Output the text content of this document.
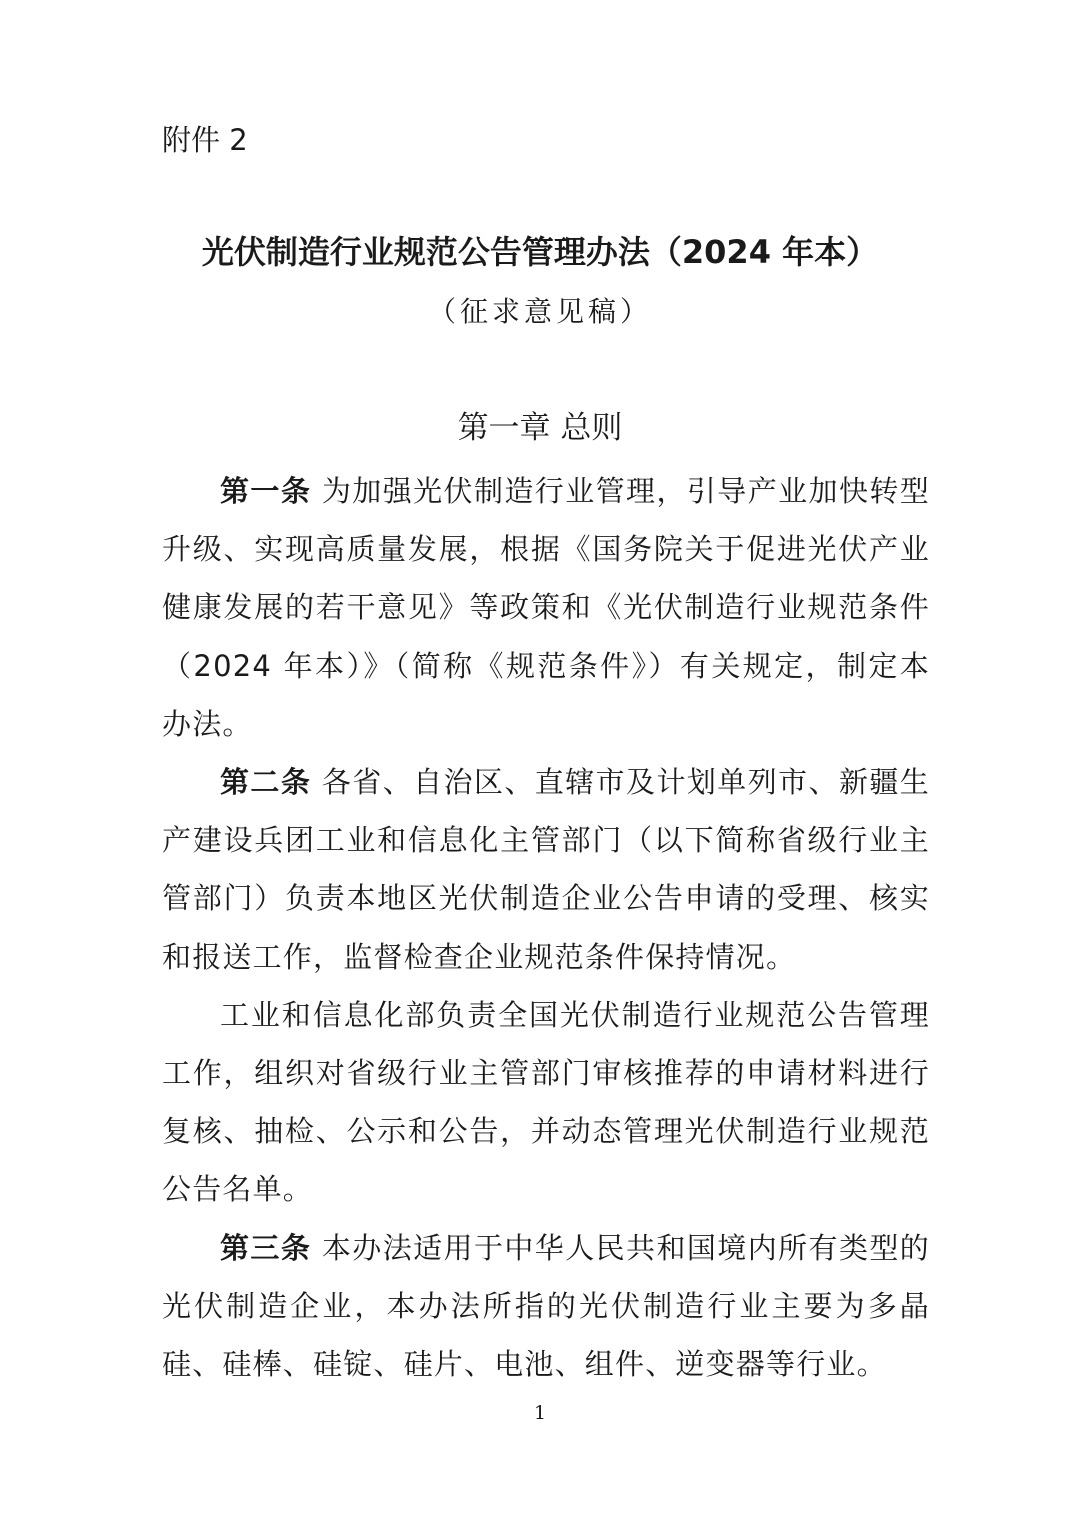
附件 2
光伏制造行业规范公告管理办法（2024 年本）
（征求意见稿）
第一章 总则

第一条 为加强光伏制造行业管理，引导产业加快转型升级、实现高质量发展，根据《国务院关于促进光伏产业健康发展的若干意见》等政策和《光伏制造行业规范条件（2024 年本）》（简称《规范条件》）有关规定，制定本办法。

第二条 各省、自治区、直辖市及计划单列市、新疆生产建设兵团工业和信息化主管部门（以下简称省级行业主管部门）负责本地区光伏制造企业公告申请的受理、核实和报送工作，监督检查企业规范条件保持情况。

工业和信息化部负责全国光伏制造行业规范公告管理工作，组织对省级行业主管部门审核推荐的申请材料进行复核、抽检、公示和公告，并动态管理光伏制造行业规范公告名单。

第三条 本办法适用于中华人民共和国境内所有类型的光伏制造企业，本办法所指的光伏制造行业主要为多晶硅、硅棒、硅锭、硅片、电池、组件、逆变器等行业。

1
